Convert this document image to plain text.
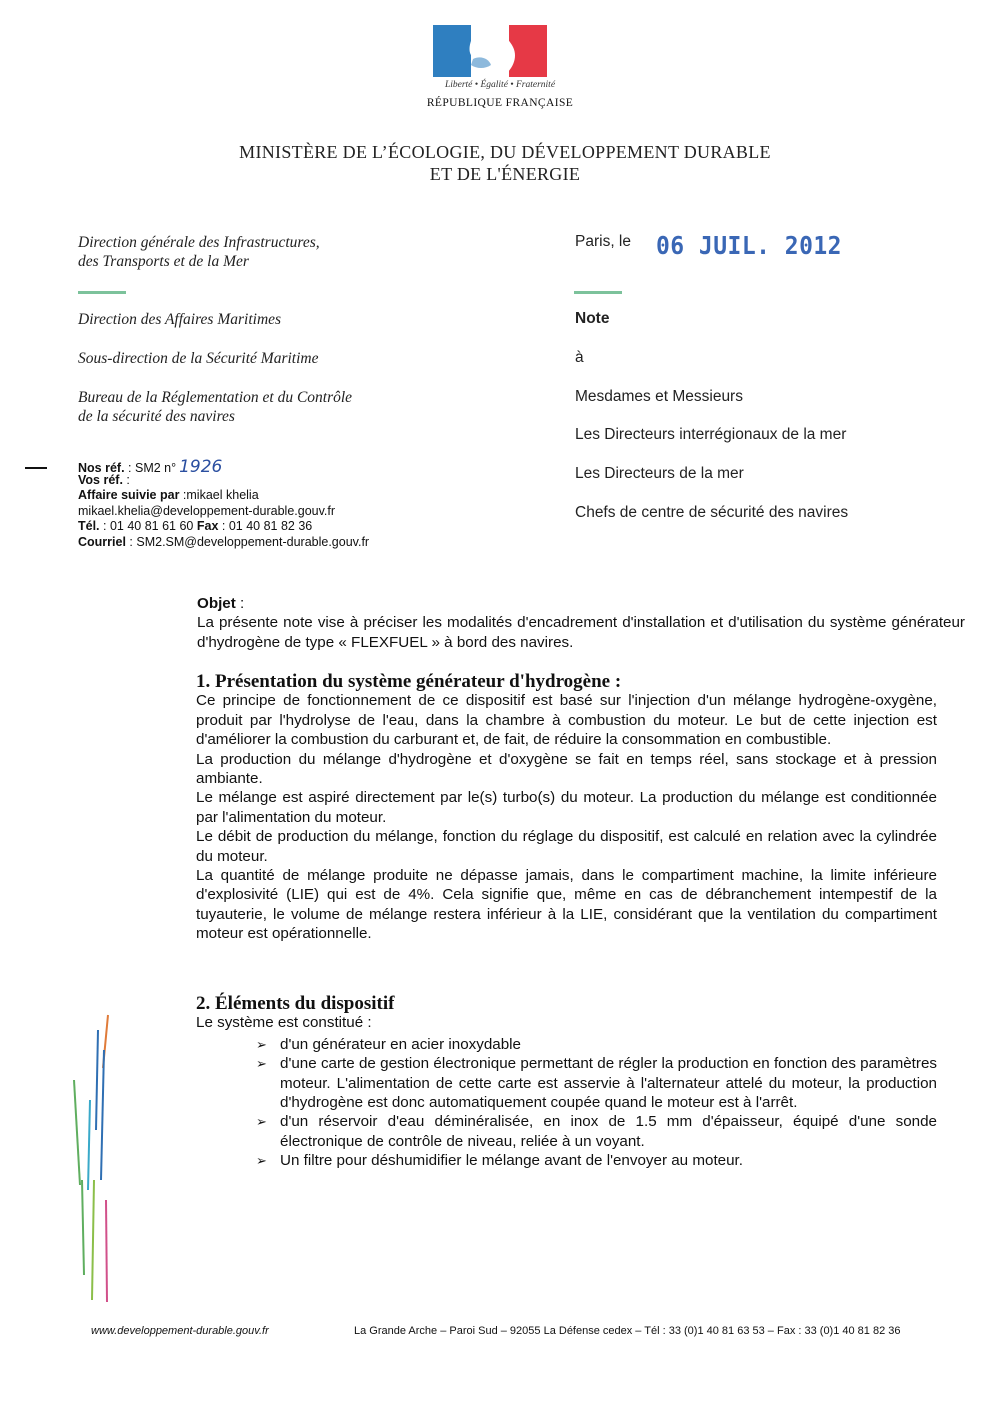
Liberté • Égalité • Fraternité
RÉPUBLIQUE FRANÇAISE
MINISTÈRE DE L’ÉCOLOGIE, DU DÉVELOPPEMENT DURABLE
ET DE L'ÉNERGIE
Direction générale des Infrastructures,
des Transports et de la Mer
Direction des Affaires Maritimes
Sous-direction de la Sécurité Maritime
Bureau de la Réglementation et du Contrôle
de la sécurité des navires
Nos réf. : SM2 n° 1926
Vos réf. :
Affaire suivie par :mikael khelia
mikael.khelia@developpement-durable.gouv.fr
Tél. : 01 40 81 61 60 Fax : 01 40 81 82 36
Courriel : SM2.SM@developpement-durable.gouv.fr
Paris, le 06 JUIL. 2012
Note
à
Mesdames et Messieurs
Les Directeurs interrégionaux de la mer
Les Directeurs de la mer
Chefs de centre de sécurité des navires
Objet :
La présente note vise à préciser les modalités d'encadrement d'installation et d'utilisation du système générateur d'hydrogène de type « FLEXFUEL » à bord des navires.
1. Présentation du système générateur d'hydrogène :
Ce principe de fonctionnement de ce dispositif est basé sur l'injection d'un mélange hydrogène-oxygène, produit par l'hydrolyse de l'eau, dans la chambre à combustion du moteur. Le but de cette injection est d'améliorer la combustion du carburant et, de fait, de réduire la consommation en combustible.
La production du mélange d'hydrogène et d'oxygène se fait en temps réel, sans stockage et à pression ambiante.
Le mélange est aspiré directement par le(s) turbo(s) du moteur. La production du mélange est conditionnée par l'alimentation du moteur.
Le débit de production du mélange, fonction du réglage du dispositif, est calculé en relation avec la cylindrée du moteur.
La quantité de mélange produite ne dépasse jamais, dans le compartiment machine, la limite inférieure d'explosivité (LIE) qui est de 4%. Cela signifie que, même en cas de débranchement intempestif de la tuyauterie, le volume de mélange restera inférieur à la LIE, considérant que la ventilation du compartiment moteur est opérationnelle.
2. Éléments du dispositif
Le système est constitué :
➢ d'un générateur en acier inoxydable
➢ d'une carte de gestion électronique permettant de régler la production en fonction des paramètres moteur. L'alimentation de cette carte est asservie à l'alternateur attelé du moteur, la production d'hydrogène est donc automatiquement coupée quand le moteur est à l'arrêt.
➢ d'un réservoir d'eau déminéralisée, en inox de 1.5 mm d'épaisseur, équipé d'une sonde électronique de contrôle de niveau, reliée à un voyant.
➢ Un filtre pour déshumidifier le mélange avant de l'envoyer au moteur.
www.developpement-durable.gouv.fr	La Grande Arche – Paroi Sud – 92055 La Défense cedex – Tél : 33 (0)1 40 81 63 53 – Fax : 33 (0)1 40 81 82 36
